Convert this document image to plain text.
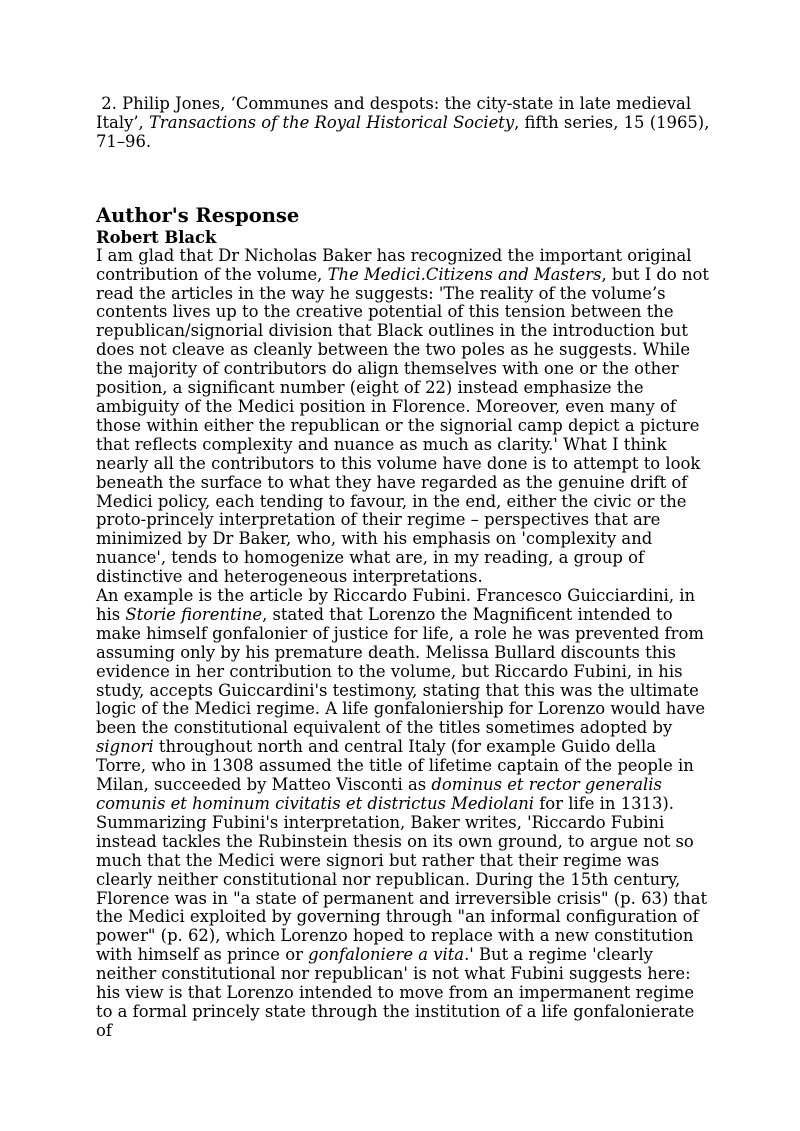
2. Philip Jones, ‘Communes and despots: the city-state in late medieval Italy’, Transactions of the Royal Historical Society, fifth series, 15 (1965), 71–96.

Author's Response
Robert Black

I am glad that Dr Nicholas Baker has recognized the important original contribution of the volume, The Medici.Citizens and Masters, but I do not read the articles in the way he suggests: 'The reality of the volume’s contents lives up to the creative potential of this tension between the republican/signorial division that Black outlines in the introduction but does not cleave as cleanly between the two poles as he suggests. While the majority of contributors do align themselves with one or the other position, a significant number (eight of 22) instead emphasize the ambiguity of the Medici position in Florence. Moreover, even many of those within either the republican or the signorial camp depict a picture that reflects complexity and nuance as much as clarity.' What I think nearly all the contributors to this volume have done is to attempt to look beneath the surface to what they have regarded as the genuine drift of Medici policy, each tending to favour, in the end, either the civic or the proto-princely interpretation of their regime – perspectives that are minimized by Dr Baker, who, with his emphasis on 'complexity and nuance', tends to homogenize what are, in my reading, a group of distinctive and heterogeneous interpretations.

An example is the article by Riccardo Fubini. Francesco Guicciardini, in his Storie fiorentine, stated that Lorenzo the Magnificent intended to make himself gonfalonier of justice for life, a role he was prevented from assuming only by his premature death. Melissa Bullard discounts this evidence in her contribution to the volume, but Riccardo Fubini, in his study, accepts Guiccardini's testimony, stating that this was the ultimate logic of the Medici regime. A life gonfaloniership for Lorenzo would have been the constitutional equivalent of the titles sometimes adopted by signori throughout north and central Italy (for example Guido della Torre, who in 1308 assumed the title of lifetime captain of the people in Milan, succeeded by Matteo Visconti as dominus et rector generalis comunis et hominum civitatis et districtus Mediolani for life in 1313). Summarizing Fubini's interpretation, Baker writes, 'Riccardo Fubini instead tackles the Rubinstein thesis on its own ground, to argue not so much that the Medici were signori but rather that their regime was clearly neither constitutional nor republican. During the 15th century, Florence was in "a state of permanent and irreversible crisis" (p. 63) that the Medici exploited by governing through "an informal configuration of power" (p. 62), which Lorenzo hoped to replace with a new constitution with himself as prince or gonfaloniere a vita.' But a regime 'clearly neither constitutional nor republican' is not what Fubini suggests here: his view is that Lorenzo intended to move from an impermanent regime to a formal princely state through the institution of a life gonfalonierate of
